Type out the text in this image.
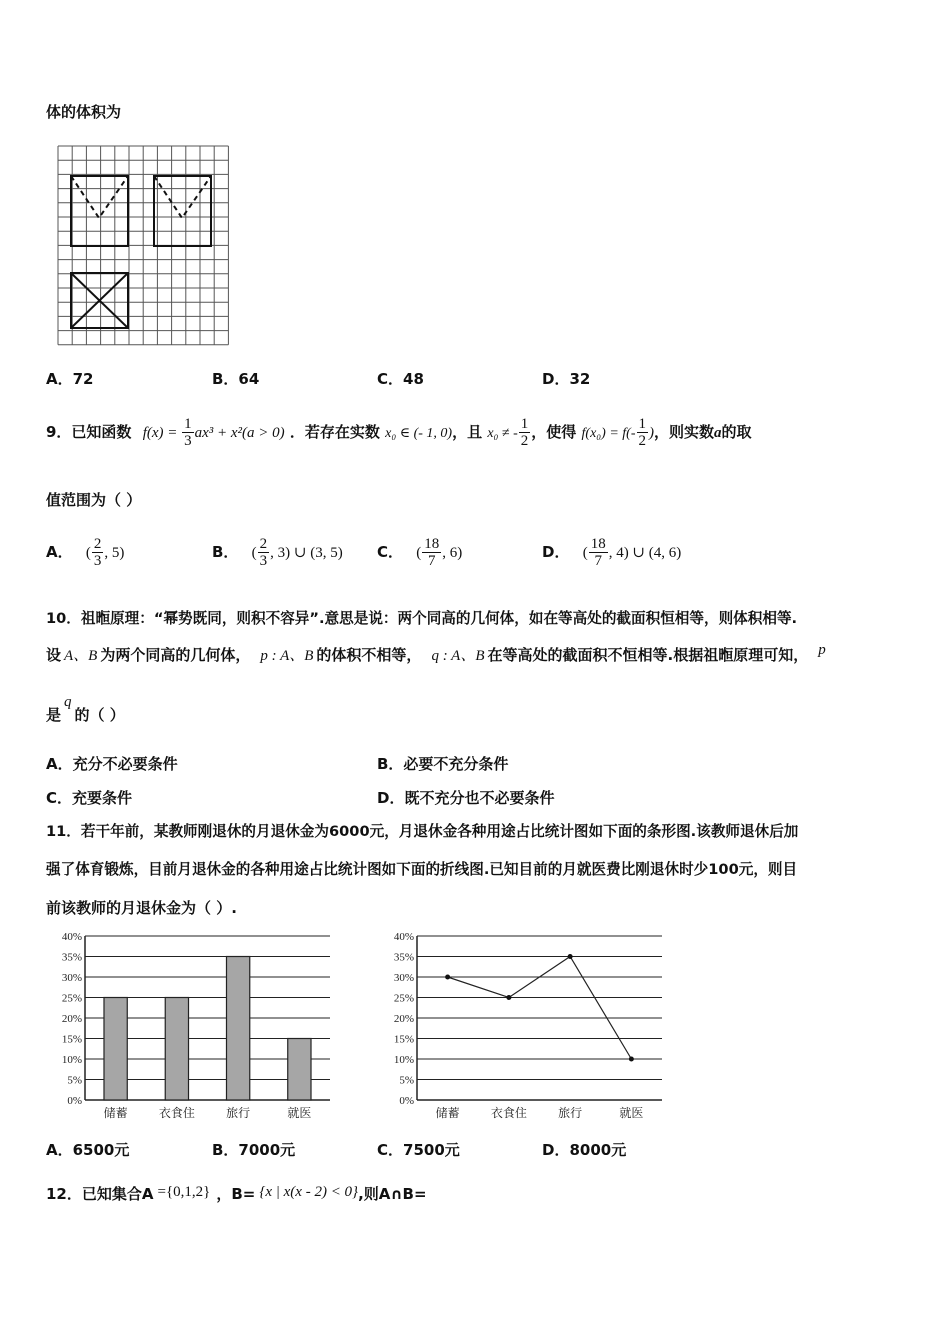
体的体积为
A．72	B．64	C．48	D．32
9．已知函数 $f(x) = \frac{1}{3} ax^3 + x^2(a > 0)$ ．若存在实数 x₀ ∈ (- 1, 0)，且 x₀ ≠ - $\frac{1}{2}$ ，使得 $f(x_0) = f(- \frac{1}{2}$ )，则实数a的取
值范围为（ ）
A． ( $\frac{2}{3}$ , 5)	B． ( $\frac{2}{3}$ , 3) ∪ (3, 5) C． ( $\frac{18}{7}$ , 6)	D． ( $\frac{18}{7}$ , 4) ∪ (4, 6)
10．祖暅原理：“幂势既同，则积不容异”.意思是说：两个同高的几何体，如在等高处的截面积恒相等，则体积相等.
设 A、B 为两个同高的几何体， p : A、B 的体积不相等， q : A、B 在等高处的截面积不恒相等.根据祖暅原理可知， p
是q的（ ）
A．充分不必要条件	B．必要不充分条件
C．充要条件	D．既不充分也不必要条件
11．若干年前，某教师刚退休的月退休金为6000元，月退休金各种用途占比统计图如下面的条形图.该教师退休后加
强了体育锻炼，目前月退休金的各种用途占比统计图如下面的折线图.已知目前的月就医费比刚退休时少100元，则目
前该教师的月退休金为（ ）.
0%
5%
10%
15%
20%
25%
30%
35%
40%
储蓄	衣食住	旅行	就医
0%
5%
10%
15%
20%
25%
30%
35%
40%
储蓄	衣食住	旅行	就医
A．6500元	B．7000元	C．7500元	D．8000元
12．已知集合A ={0,1,2} ，B= {x | x(x - 2) < 0},则A∩B=
